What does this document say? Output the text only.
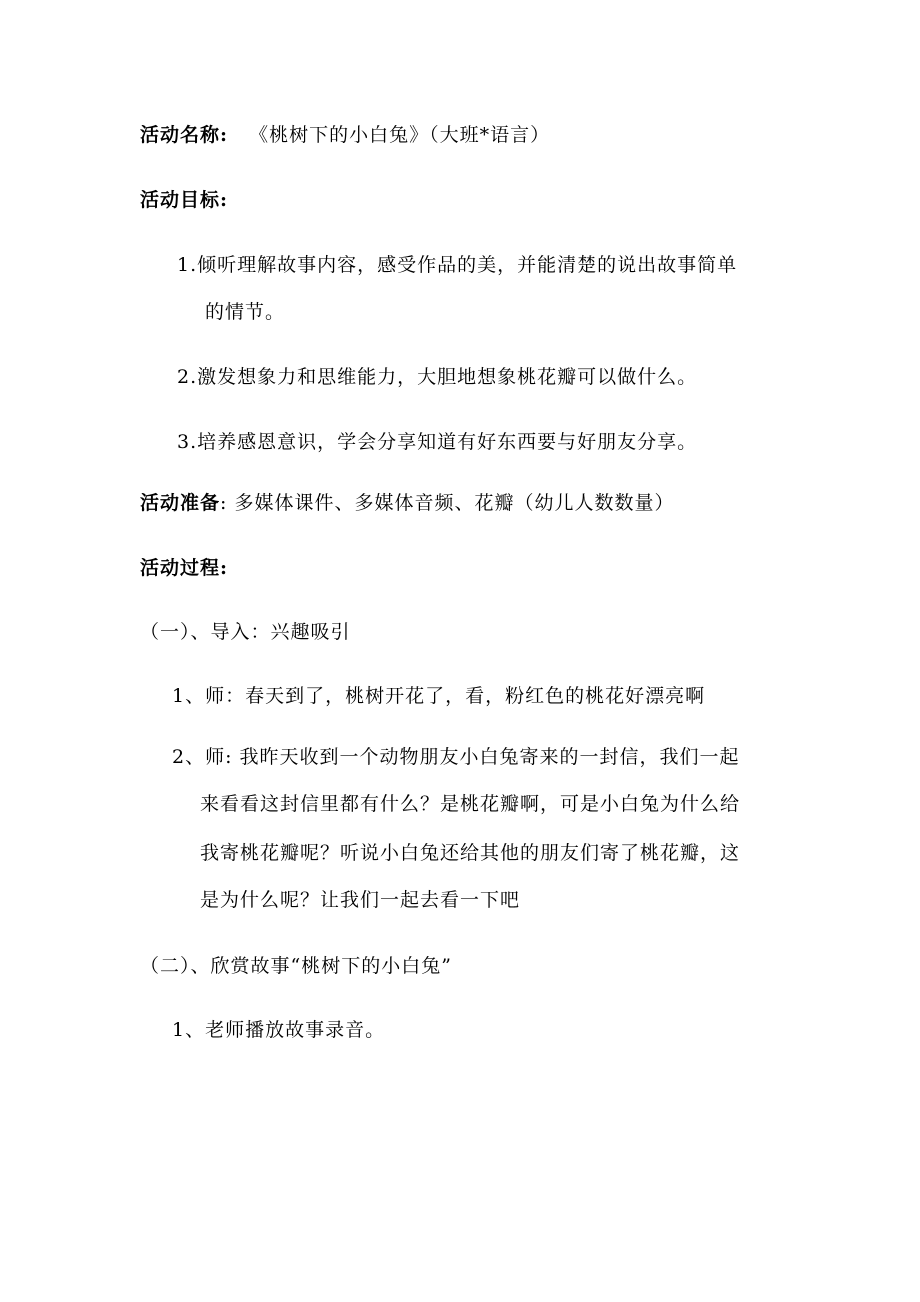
活动名称: 《桃树下的小白兔》（大班*语言）
活动目标:
1.倾听理解故事内容，感受作品的美，并能清楚的说出故事简单
的情节。
2.激发想象力和思维能力，大胆地想象桃花瓣可以做什么。
3.培养感恩意识，学会分享知道有好东西要与好朋友分享。
活动准备: 多媒体课件、多媒体音频、花瓣（幼儿人数数量）
活动过程:
（一）、导入：兴趣吸引
1、师：春天到了，桃树开花了，看，粉红色的桃花好漂亮啊
2、师: 我昨天收到一个动物朋友小白兔寄来的一封信，我们一起
来看看这封信里都有什么？是桃花瓣啊，可是小白兔为什么给
我寄桃花瓣呢？听说小白兔还给其他的朋友们寄了桃花瓣，这
是为什么呢？让我们一起去看一下吧
（二）、欣赏故事“桃树下的小白兔”
1、老师播放故事录音。
